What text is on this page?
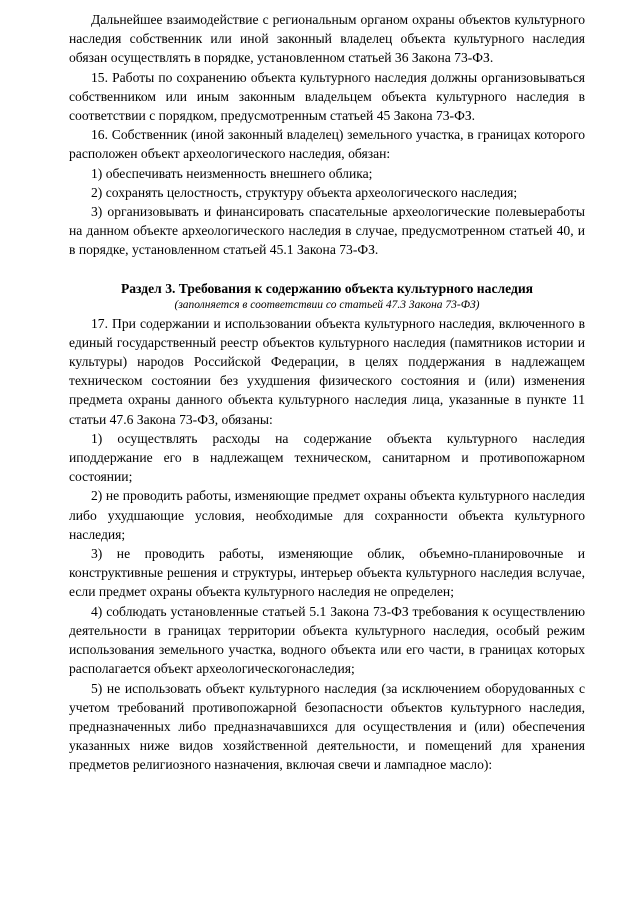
Дальнейшее взаимодействие с региональным органом охраны объектов культурного наследия собственник или иной законный владелец объекта культурного наследия обязан осуществлять в порядке, установленном статьей 36 Закона 73-ФЗ.

15. Работы по сохранению объекта культурного наследия должны организовываться собственником или иным законным владельцем объекта культурного наследия в соответствии с порядком, предусмотренным статьей 45 Закона 73-ФЗ.

16. Собственник (иной законный владелец) земельного участка, в границах которого расположен объект археологического наследия, обязан:

1) обеспечивать неизменность внешнего облика;

2) сохранять целостность, структуру объекта археологического наследия;

3) организовывать и финансировать спасательные археологические полевыеработы на данном объекте археологического наследия в случае, предусмотренном статьей 40, и в порядке, установленном статьей 45.1 Закона 73-ФЗ.

Раздел 3. Требования к содержанию объекта культурного наследия

(заполняется в соответствии со статьей 47.3 Закона 73-ФЗ)

17. При содержании и использовании объекта культурного наследия, включенного в единый государственный реестр объектов культурного наследия (памятников истории и культуры) народов Российской Федерации, в целях поддержания в надлежащем техническом состоянии без ухудшения физического состояния и (или) изменения предмета охраны данного объекта культурного наследия лица, указанные в пункте 11 статьи 47.6 Закона 73-ФЗ, обязаны:

1) осуществлять расходы на содержание объекта культурного наследия иподдержание его в надлежащем техническом, санитарном и противопожарном состоянии;

2) не проводить работы, изменяющие предмет охраны объекта культурного наследия либо ухудшающие условия, необходимые для сохранности объекта культурного наследия;

3) не проводить работы, изменяющие облик, объемно-планировочные и конструктивные решения и структуры, интерьер объекта культурного наследия вслучае, если предмет охраны объекта культурного наследия не определен;

4) соблюдать установленные статьей 5.1 Закона 73-ФЗ требования к осуществлению деятельности в границах территории объекта культурного наследия, особый режим использования земельного участка, водного объекта или его части, в границах которых располагается объект археологическогонаследия;

5) не использовать объект культурного наследия (за исключением оборудованных с учетом требований противопожарной безопасности объектов культурного наследия, предназначенных либо предназначавшихся для осуществления и (или) обеспечения указанных ниже видов хозяйственной деятельности, и помещений для хранения предметов религиозного назначения, включая свечи и лампадное масло):
